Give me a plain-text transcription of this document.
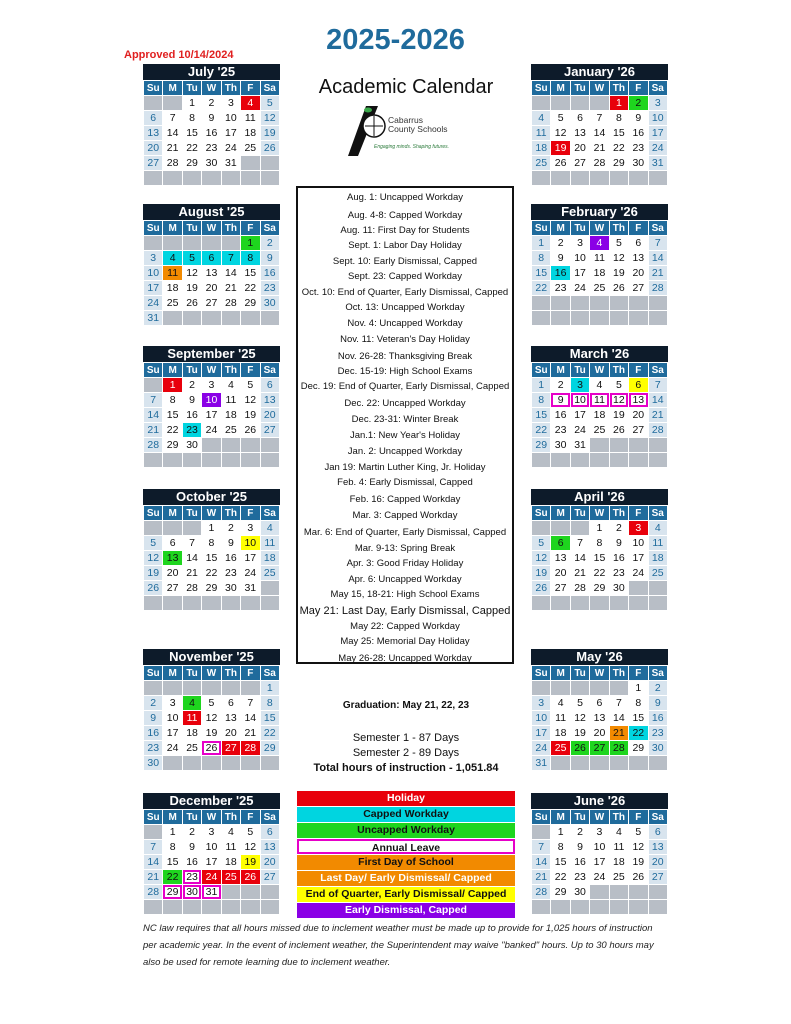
Approved 10/14/2024	2025-2026
Academic Calendar
Cabarrus
County Schools
Engaging minds. Shaping futures.
July '25
Su	M	Tu	W	Th	F	Sa
		1	2	3	4	5
6	7	8	9	10	11	12
13	14	15	16	17	18	19
20	21	22	23	24	25	26
27	28	29	30	31		

August '25
Su	M	Tu	W	Th	F	Sa
					1	2
3	4	5	6	7	8	9
10	11	12	13	14	15	16
17	18	19	20	21	22	23
24	25	26	27	28	29	30
31						
September '25
Su	M	Tu	W	Th	F	Sa
	1	2	3	4	5	6
7	8	9	10	11	12	13
14	15	16	17	18	19	20
21	22	23	24	25	26	27
28	29	30				

October '25
Su	M	Tu	W	Th	F	Sa
			1	2	3	4
5	6	7	8	9	10	11
12	13	14	15	16	17	18
19	20	21	22	23	24	25
26	27	28	29	30	31	

November '25
Su	M	Tu	W	Th	F	Sa
						1
2	3	4	5	6	7	8
9	10	11	12	13	14	15
16	17	18	19	20	21	22
23	24	25	26	27	28	29
30						
December '25
Su	M	Tu	W	Th	F	Sa
	1	2	3	4	5	6
7	8	9	10	11	12	13
14	15	16	17	18	19	20
21	22	23	24	25	26	27
28	29	30	31			

January '26
Su	M	Tu	W	Th	F	Sa
				1	2	3
4	5	6	7	8	9	10
11	12	13	14	15	16	17
18	19	20	21	22	23	24
25	26	27	28	29	30	31

February '26
Su	M	Tu	W	Th	F	Sa
1	2	3	4	5	6	7
8	9	10	11	12	13	14
15	16	17	18	19	20	21
22	23	24	25	26	27	28

March '26
Su	M	Tu	W	Th	F	Sa
1	2	3	4	5	6	7
8	9	10	11	12	13	14
15	16	17	18	19	20	21
22	23	24	25	26	27	28
29	30	31				

April '26
Su	M	Tu	W	Th	F	Sa
			1	2	3	4
5	6	7	8	9	10	11
12	13	14	15	16	17	18
19	20	21	22	23	24	25
26	27	28	29	30		

May '26
Su	M	Tu	W	Th	F	Sa
					1	2
3	4	5	6	7	8	9
10	11	12	13	14	15	16
17	18	19	20	21	22	23
24	25	26	27	28	29	30
31						
June '26
Su	M	Tu	W	Th	F	Sa
	1	2	3	4	5	6
7	8	9	10	11	12	13
14	15	16	17	18	19	20
21	22	23	24	25	26	27
28	29	30				

Aug. 1: Uncapped Workday
Aug. 4-8: Capped Workday
Aug. 11: First Day for Students
Sept. 1: Labor Day Holiday
Sept. 10: Early Dismissal, Capped
Sept. 23: Capped Workday
Oct. 10: End of Quarter, Early Dismissal, Capped
Oct. 13: Uncapped Workday
Nov. 4: Uncapped Workday
Nov. 11: Veteran's Day Holiday
Nov. 26-28: Thanksgiving Break
Dec. 15-19: High School Exams
Dec. 19: End of Quarter, Early Dismissal, Capped
Dec. 22: Uncapped Workday
Dec. 23-31: Winter Break
Jan.1: New Year's Holiday
Jan. 2: Uncapped Workday
Jan 19: Martin Luther King, Jr. Holiday
Feb. 4: Early Dismissal, Capped
Feb. 16: Capped Workday
Mar. 3: Capped Workday
Mar. 6: End of Quarter, Early Dismissal, Capped
Mar. 9-13: Spring Break
Apr. 3: Good Friday Holiday
Apr. 6: Uncapped Workday
May 15, 18-21: High School Exams
May 21: Last Day, Early Dismissal, Capped
May 22: Capped Workday
May 25: Memorial Day Holiday
May 26-28: Uncapped Workday
Graduation: May 21, 22, 23
Semester 1 - 87 Days
Semester 2 - 89 Days
Total hours of instruction - 1,051.84
Holiday
Capped Workday
Uncapped Workday
Annual Leave
First Day of School
Last Day/ Early Dismissal/ Capped
End of Quarter, Early Dismissal/ Capped
Early Dismissal, Capped
NC law requires that all hours missed due to inclement weather must be made up to provide for 1,025 hours of instruction per academic year. In the event of inclement weather, the Superintendent may waive "banked" hours. Up to 30 hours may also be used for remote learning due to inclement weather.
